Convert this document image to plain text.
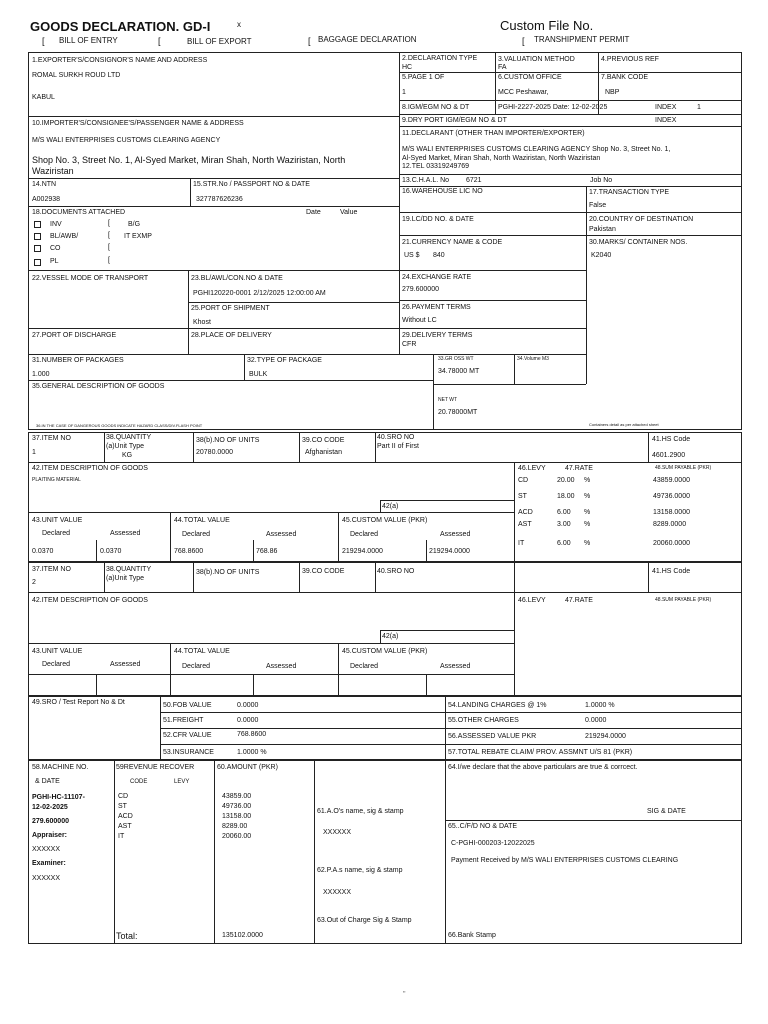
GOODS DECLARATION. GD-I	x	Custom File No.
[ BILL OF ENTRY	[	BILL OF EXPORT	[ BAGGAGE DECLARATION	[ TRANSHIPMENT PERMIT
1.EXPORTER'S/CONSIGNOR'S NAME AND ADDRESS
ROMAL SURKH ROUD LTD
KABUL
2.DECLARATION TYPE
HC
3.VALUATION METHOD
FA
4.PREVIOUS REF
5.PAGE 1 OF
1
6.CUSTOM OFFICE
MCC Peshawar,
7.BANK CODE
NBP
8.IGM/EGM NO & DT	PGHI-2227-2025 Date: 12-02-2025	INDEX	1
9.DRY PORT IGM/EGM NO & DT	INDEX
10.IMPORTER'S/CONSIGNEE'S/PASSENGER NAME & ADDRESS
M/S WALI ENTERPRISES CUSTOMS CLEARING AGENCY
Shop No. 3, Street No. 1, Al-Syed Market, Miran Shah, North Waziristan, North
Waziristan
11.DECLARANT (OTHER THAN IMPORTER/EXPORTER)
M/S WALI ENTERPRISES CUSTOMS CLEARING AGENCY Shop No. 3, Street No. 1,
Al-Syed Market, Miran Shah, North Waziristan, North Waziristan
12.TEL 03319249769
13.C.H.A.L. No 6721	Job No
14.NTN
A002938
15.STR.No / PASSPORT NO & DATE
327787626236
16.WAREHOUSE LIC NO	17.TRANSACTION TYPE
False
18.DOCUMENTS ATTACHED	Date	Value
INV	[	B/G
BL/AWB/	[ IT EXMP
CO	[
PL	[
19.LC/DD NO. & DATE	20.COUNTRY OF DESTINATION
Pakistan
21.CURRENCY NAME & CODE
US $ 840
30.MARKS/ CONTAINER NOS.
K2040
22.VESSEL MODE OF TRANSPORT	23.BL/AWL/CON.NO & DATE
PGHI120220-0001 2/12/2025 12:00:00 AM
24.EXCHANGE RATE
279.600000
25.PORT OF SHIPMENT
Khost
26.PAYMENT TERMS
Without LC
27.PORT OF DISCHARGE	28.PLACE OF DELIVERY	29.DELIVERY TERMS
CFR
31.NUMBER OF PACKAGES
1.000
32.TYPE OF PACKAGE
BULK
33.GR OSS WT
34.78000 MT
34.Volume M3
35.GENERAL DESCRIPTION OF GOODS
NET WT
20.78000MT
36.IN THE CASE OF DANGEROUS GOODS INDICATE HAZARD CLASS/DIV.FLASH POINT	Containers detail as per attached sheet
37.ITEM NO
1
38.QUANTITY
(a)Unit Type
KG
38(b).NO OF UNITS
20780.0000
39.CO CODE
Afghanistan
40.SRO NO
Part II of First
41.HS Code
4601.2900
42.ITEM DESCRIPTION OF GOODS
PLAITING MATERIAL
42(a)
46.LEVY	47.RATE	48.SUM PAYABLE (PKR)
CD	20.00 %	43859.0000
ST	18.00 %	49736.0000
ACD	6.00 %	13158.0000
AST	3.00 %	8289.0000
IT	6.00 %	20060.0000
43.UNIT VALUE
Declared	Assessed
44.TOTAL VALUE
Declared	Assessed
45.CUSTOM VALUE (PKR)
Declared	Assessed
0.0370	0.0370	768.8600	768.86	219294.0000	219294.0000
37.ITEM NO
2
38.QUANTITY
(a)Unit Type
38(b).NO OF UNITS	39.CO CODE	40.SRO NO	41.HS Code
42.ITEM DESCRIPTION OF GOODS
42(a)
46.LEVY	47.RATE	48.SUM PAYABLE (PKR)
43.UNIT VALUE
Declared	Assessed
44.TOTAL VALUE
Declared	Assessed
45.CUSTOM VALUE (PKR)
Declared	Assessed
49.SRO / Test Report No & Dt	50.FOB VALUE	0.0000
51.FREIGHT	0.0000
52.CFR VALUE	768.8600
53.INSURANCE	1.0000 %
54.LANDING CHARGES @ 1%	1.0000 %
55.OTHER CHARGES	0.0000
56.ASSESSED VALUE PKR	219294.0000
57.TOTAL REBATE CLAIM/ PROV. ASSMNT U/S 81 (PKR)
58.MACHINE NO.
& DATE
PGHI-HC-11107-
12-02-2025
279.600000
Appraiser:
XXXXXX
Examiner:
XXXXXX
59REVENUE RECOVER
CODE	LEVY
60.AMOUNT (PKR)
CD	43859.00
ST	49736.00
ACD	13158.00
AST	8289.00
IT	20060.00
Total:	135102.0000
61.A.O's name, sig & stamp
XXXXXX
62.P.A.s name, sig & stamp
XXXXXX
63.Out of Charge Sig & Stamp
64.I/we declare that the above particulars are true & corrcect.
SIG & DATE
65..C/F/D NO & DATE
C-PGHI-000203-12022025
Payment Received by M/S WALI ENTERPRISES CUSTOMS CLEARING
66.Bank Stamp
"
